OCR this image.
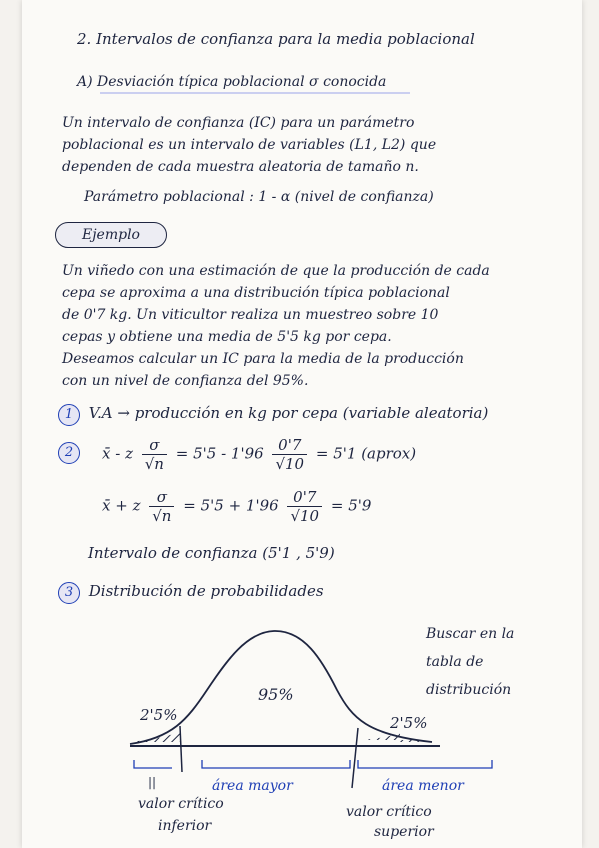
2. Intervalos de confianza para la media poblacional
A) Desviación típica poblacional σ conocida
Un intervalo de confianza (IC) para un parámetro
poblacional es un intervalo de variables (L1, L2) que
dependen de cada muestra aleatoria de tamaño n.
Parámetro poblacional : 1 - α (nivel de confianza)
Ejemplo
Un viñedo con una estimación de que la producción de cada
cepa se aproxima a una distribución típica poblacional
de 0'7 kg. Un viticultor realiza un muestreo sobre 10
cepas y obtiene una media de 5'5 kg por cepa.
Deseamos calcular un IC para la media de la producción
con un nivel de confianza del 95%.
1 V.A → producción en kg por cepa (variable aleatoria)
2	x̄ - z $\frac{\sigma}{√n} = 5'5 - 1'96 \frac{0'7}{√10} = 5'1$ (aprox)
x̄ + z $\frac{\sigma}{√n} = 5'5 + 1'96 \frac{0'7}{√10} = 5'9$
Intervalo de confianza (5'1 , 5'9)
3 Distribución de probabilidades
Buscar en la
tabla de
distribución
95%
2'5%	2'5%
||	área mayor	área menor
valor crítico
inferior
valor crítico
superior
